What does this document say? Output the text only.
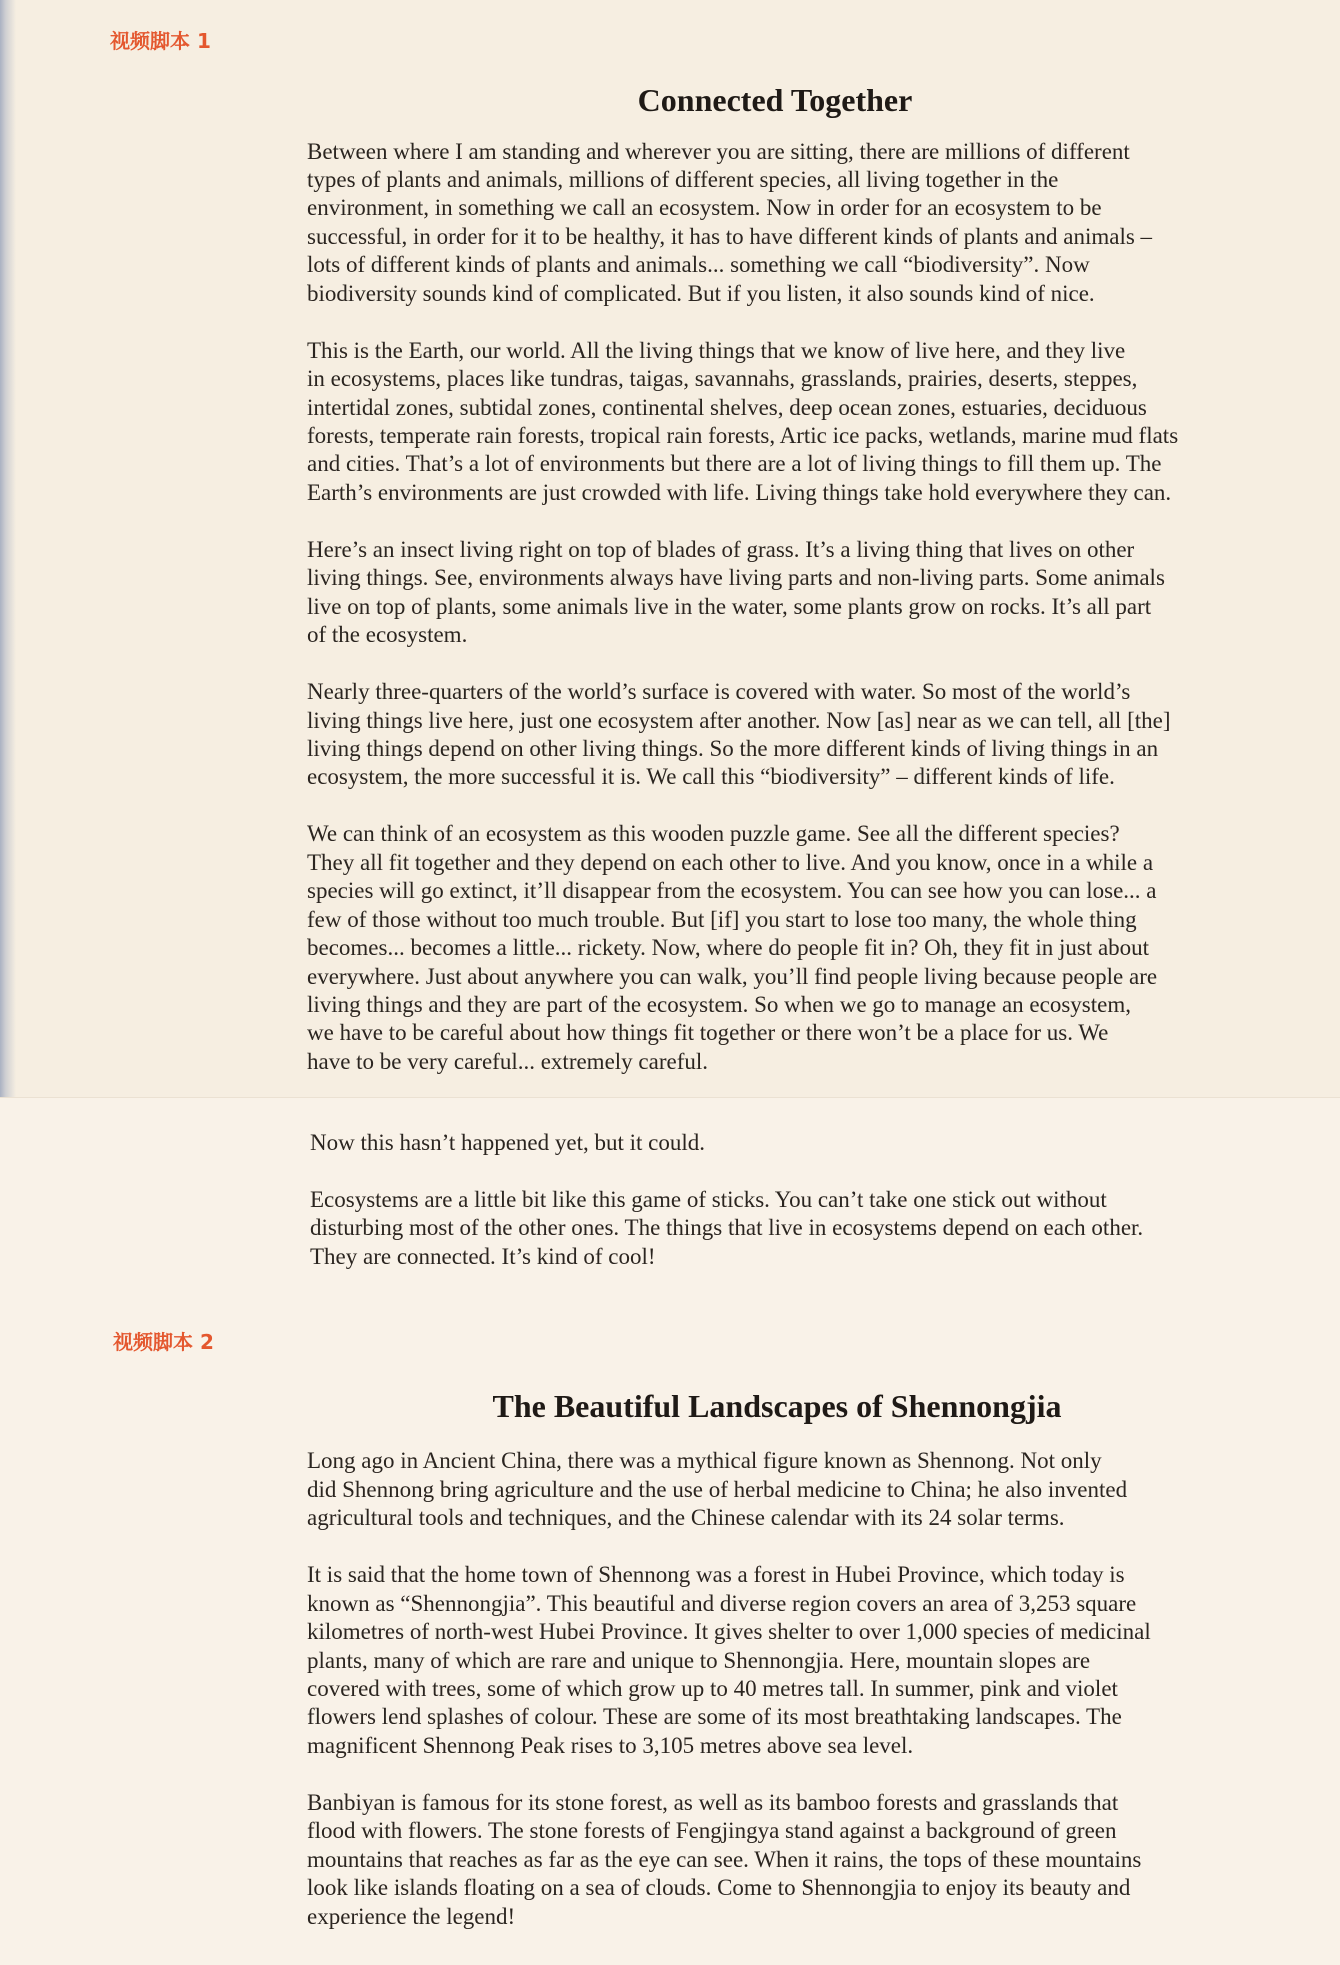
视频脚本 1
Connected Together

Between where I am standing and wherever you are sitting, there are millions of different
types of plants and animals, millions of different species, all living together in the
environment, in something we call an ecosystem. Now in order for an ecosystem to be
successful, in order for it to be healthy, it has to have different kinds of plants and animals –
lots of different kinds of plants and animals... something we call “biodiversity”. Now
biodiversity sounds kind of complicated. But if you listen, it also sounds kind of nice.

This is the Earth, our world. All the living things that we know of live here, and they live
in ecosystems, places like tundras, taigas, savannahs, grasslands, prairies, deserts, steppes,
intertidal zones, subtidal zones, continental shelves, deep ocean zones, estuaries, deciduous
forests, temperate rain forests, tropical rain forests, Artic ice packs, wetlands, marine mud flats
and cities. That’s a lot of environments but there are a lot of living things to fill them up. The
Earth’s environments are just crowded with life. Living things take hold everywhere they can.

Here’s an insect living right on top of blades of grass. It’s a living thing that lives on other
living things. See, environments always have living parts and non-living parts. Some animals
live on top of plants, some animals live in the water, some plants grow on rocks. It’s all part
of the ecosystem.

Nearly three-quarters of the world’s surface is covered with water. So most of the world’s
living things live here, just one ecosystem after another. Now [as] near as we can tell, all [the]
living things depend on other living things. So the more different kinds of living things in an
ecosystem, the more successful it is. We call this “biodiversity” – different kinds of life.

We can think of an ecosystem as this wooden puzzle game. See all the different species?
They all fit together and they depend on each other to live. And you know, once in a while a
species will go extinct, it’ll disappear from the ecosystem. You can see how you can lose... a
few of those without too much trouble. But [if] you start to lose too many, the whole thing
becomes... becomes a little... rickety. Now, where do people fit in? Oh, they fit in just about
everywhere. Just about anywhere you can walk, you’ll find people living because people are
living things and they are part of the ecosystem. So when we go to manage an ecosystem,
we have to be careful about how things fit together or there won’t be a place for us. We
have to be very careful... extremely careful.

Now this hasn’t happened yet, but it could.

Ecosystems are a little bit like this game of sticks. You can’t take one stick out without
disturbing most of the other ones. The things that live in ecosystems depend on each other.
They are connected. It’s kind of cool!

视频脚本 2
The Beautiful Landscapes of Shennongjia

Long ago in Ancient China, there was a mythical figure known as Shennong. Not only
did Shennong bring agriculture and the use of herbal medicine to China; he also invented
agricultural tools and techniques, and the Chinese calendar with its 24 solar terms.

It is said that the home town of Shennong was a forest in Hubei Province, which today is
known as “Shennongjia”. This beautiful and diverse region covers an area of 3,253 square
kilometres of north-west Hubei Province. It gives shelter to over 1,000 species of medicinal
plants, many of which are rare and unique to Shennongjia. Here, mountain slopes are
covered with trees, some of which grow up to 40 metres tall. In summer, pink and violet
flowers lend splashes of colour. These are some of its most breathtaking landscapes. The
magnificent Shennong Peak rises to 3,105 metres above sea level.

Banbiyan is famous for its stone forest, as well as its bamboo forests and grasslands that
flood with flowers. The stone forests of Fengjingya stand against a background of green
mountains that reaches as far as the eye can see. When it rains, the tops of these mountains
look like islands floating on a sea of clouds. Come to Shennongjia to enjoy its beauty and
experience the legend!
